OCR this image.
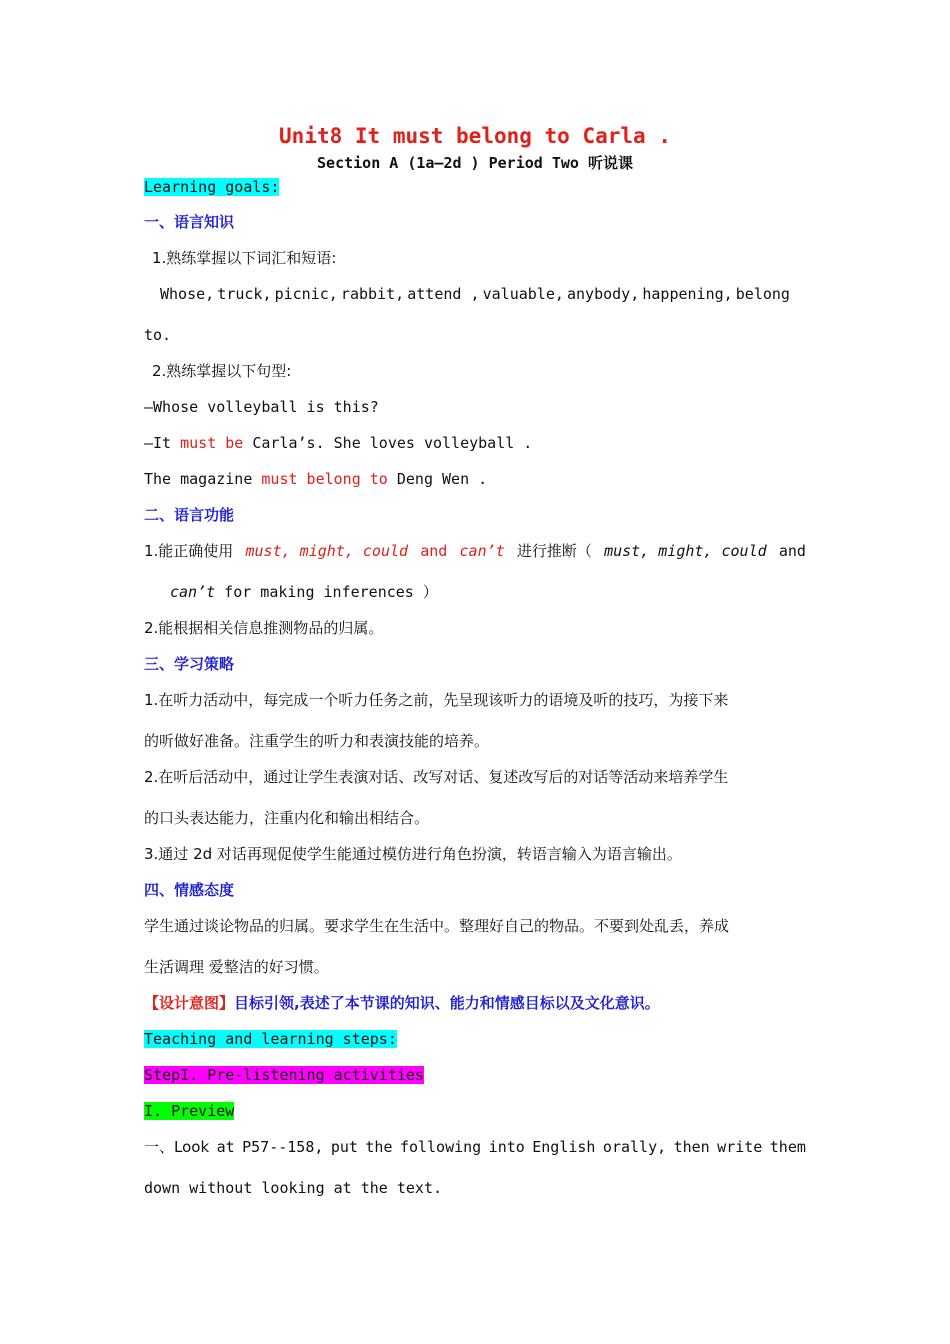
Unit8 It must belong to Carla .
Section A (1a—2d ) Period Two 听说课
Learning goals:
一、语言知识
1.熟练掌握以下词汇和短语:
Whose, truck, picnic, rabbit, attend , valuable, anybody, happening, belong
to.
2.熟练掌握以下句型:
—Whose volleyball is this?
—It must be Carla’s. She loves volleyball .
The magazine must belong to Deng Wen .
二、语言功能
1.能正确使用 must, might, could and can’t 进行推断（ must, might, could and
can’t for making inferences ）
2.能根据相关信息推测物品的归属。
三、学习策略
1.在听力活动中，每完成一个听力任务之前，先呈现该听力的语境及听的技巧，为接下来
的听做好准备。注重学生的听力和表演技能的培养。
2.在听后活动中，通过让学生表演对话、改写对话、复述改写后的对话等活动来培养学生
的口头表达能力，注重内化和输出相结合。
3.通过 2d 对话再现促使学生能通过模仿进行角色扮演，转语言输入为语言输出。
四、情感态度
学生通过谈论物品的归属。要求学生在生活中。整理好自己的物品。不要到处乱丢，养成
生活调理 爱整洁的好习惯。
【设计意图】目标引领,表述了本节课的知识、能力和情感目标以及文化意识。
Teaching and learning steps:
StepI. Pre-listening activities
I. Preview
一、Look at P57--158, put the following into English orally, then write them
down without looking at the text.
